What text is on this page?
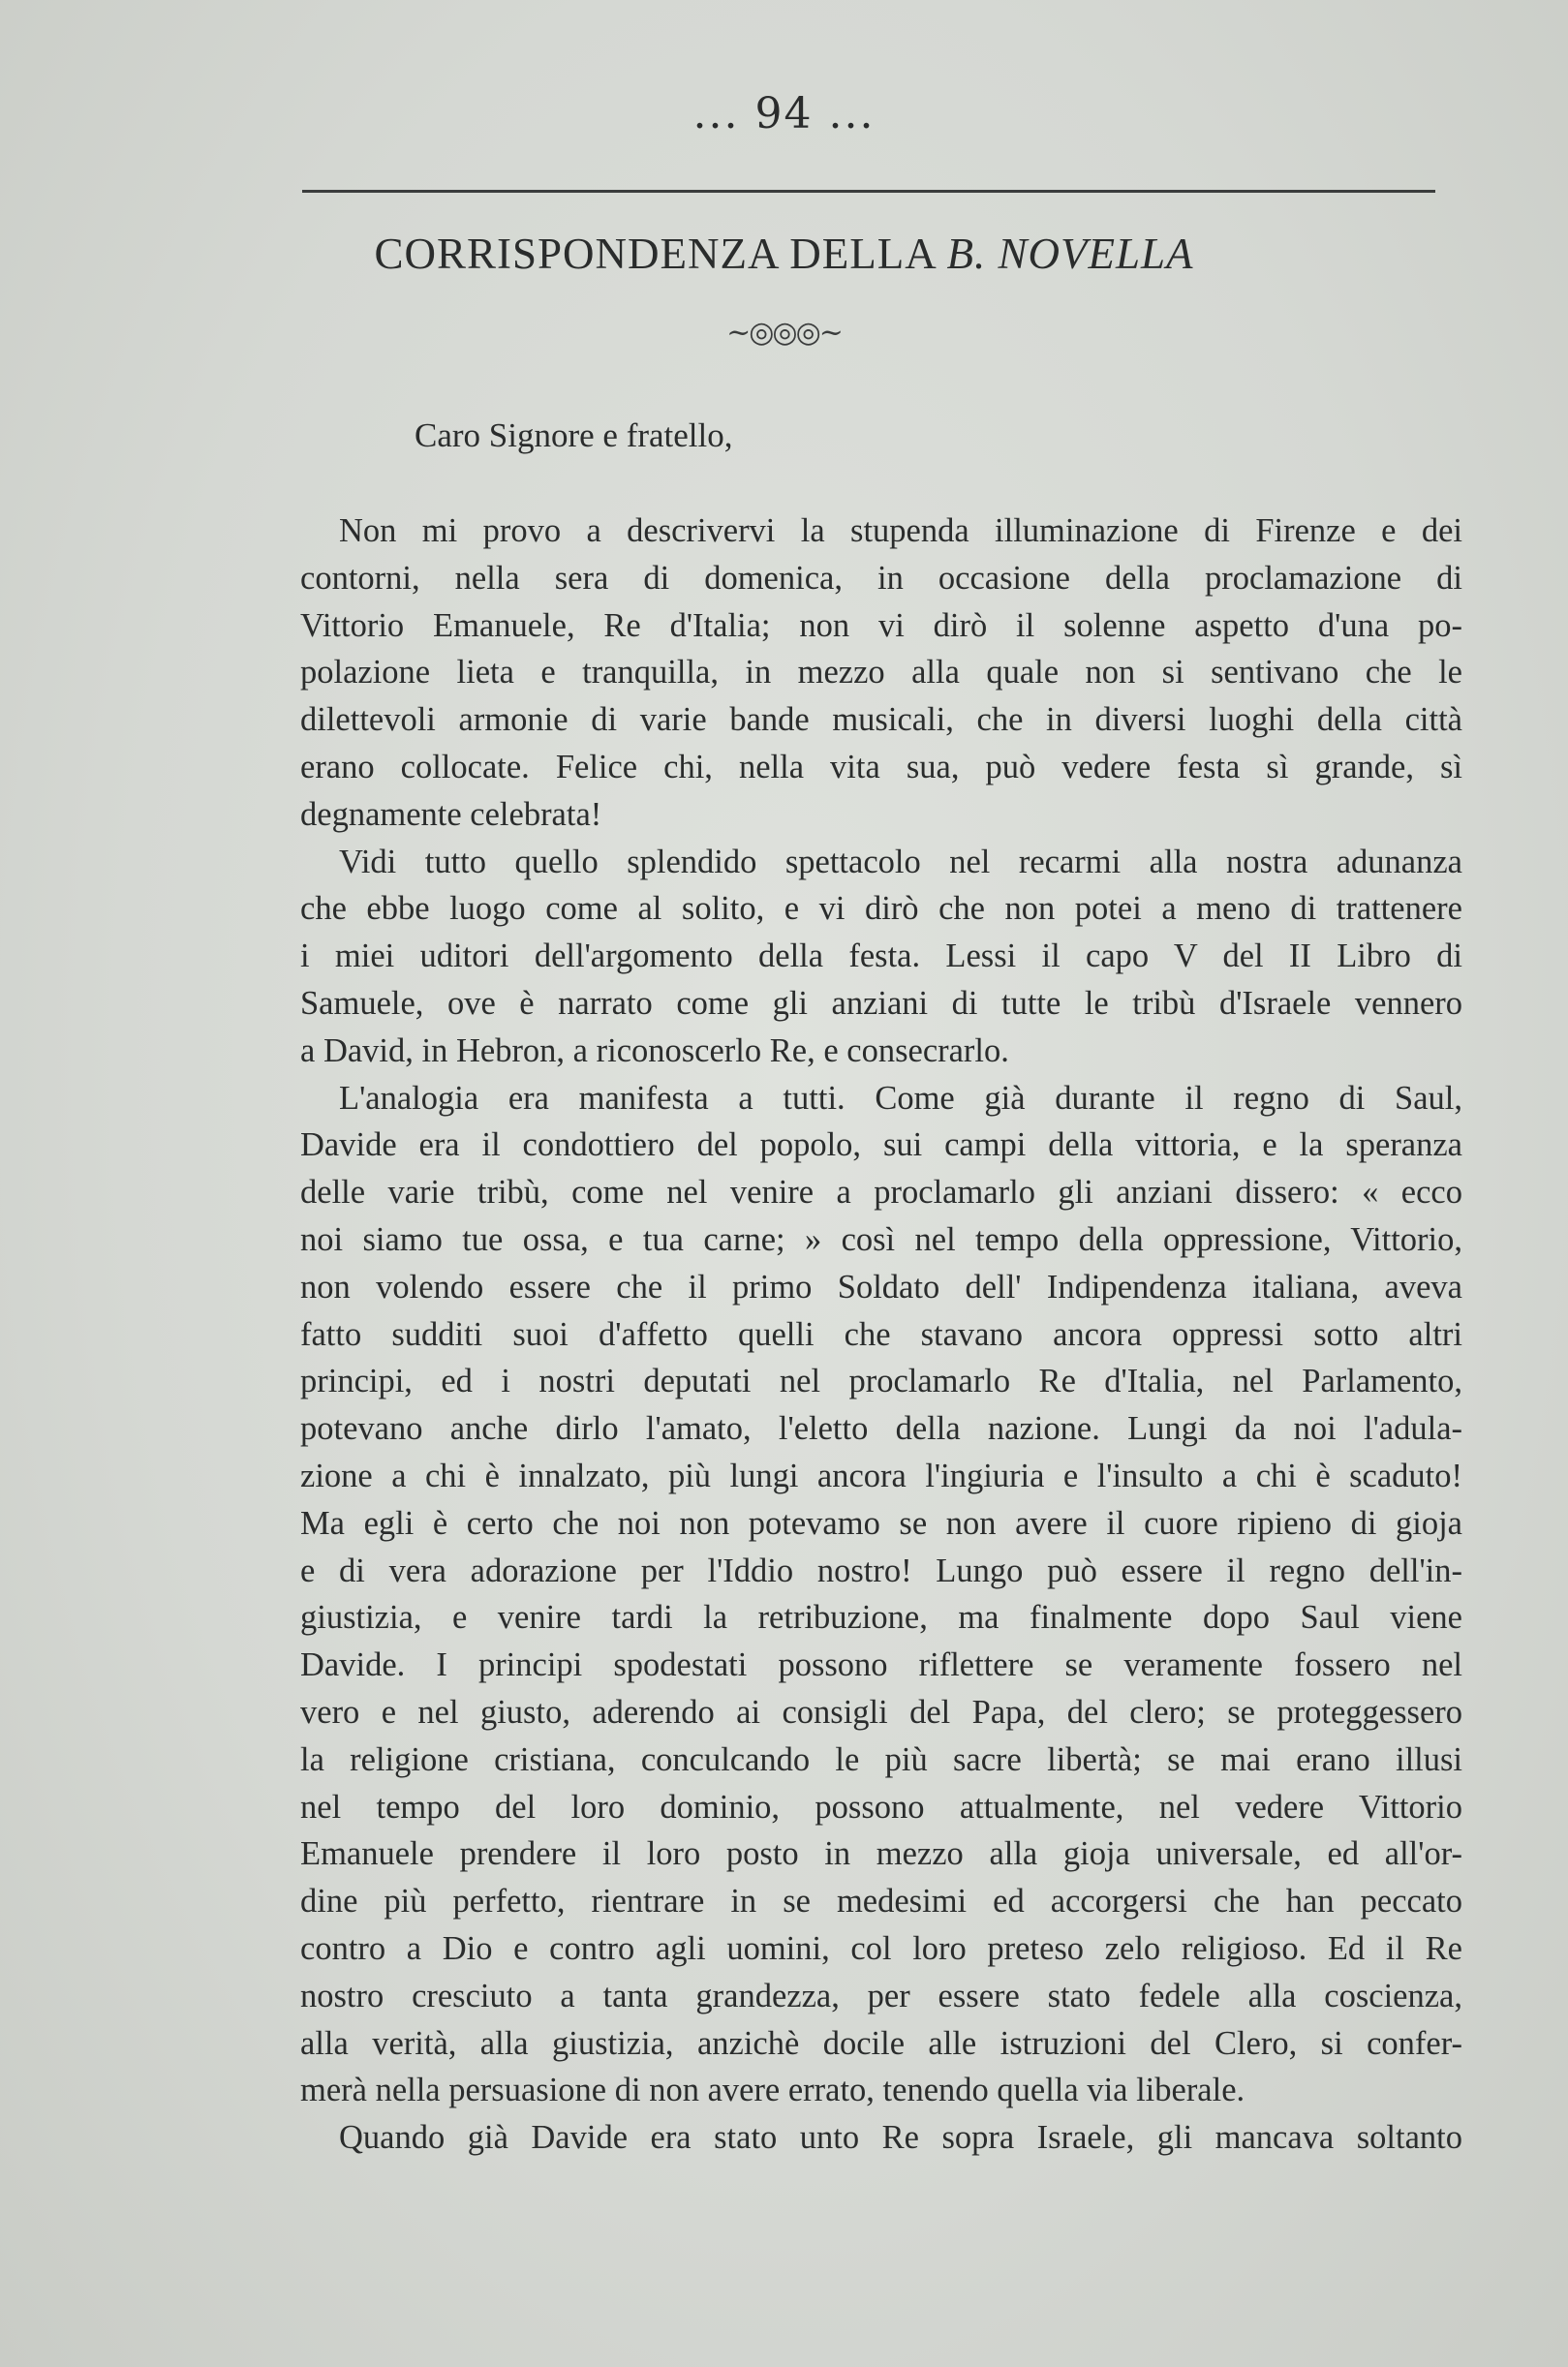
... 94 ...
CORRISPONDENZA DELLA B. NOVELLA
~◎◎◎~
Caro Signore e fratello,
Non mi provo a descrivervi la stupenda illuminazione di Firenze e dei
contorni, nella sera di domenica, in occasione della proclamazione di
Vittorio Emanuele, Re d'Italia; non vi dirò il solenne aspetto d'una po-
polazione lieta e tranquilla, in mezzo alla quale non si sentivano che le
dilettevoli armonie di varie bande musicali, che in diversi luoghi della città
erano collocate. Felice chi, nella vita sua, può vedere festa sì grande, sì
degnamente celebrata!
Vidi tutto quello splendido spettacolo nel recarmi alla nostra adunanza
che ebbe luogo come al solito, e vi dirò che non potei a meno di trattenere
i miei uditori dell'argomento della festa. Lessi il capo V del II Libro di
Samuele, ove è narrato come gli anziani di tutte le tribù d'Israele vennero
a David, in Hebron, a riconoscerlo Re, e consecrarlo.
L'analogia era manifesta a tutti. Come già durante il regno di Saul,
Davide era il condottiero del popolo, sui campi della vittoria, e la speranza
delle varie tribù, come nel venire a proclamarlo gli anziani dissero: « ecco
noi siamo tue ossa, e tua carne; » così nel tempo della oppressione, Vittorio,
non volendo essere che il primo Soldato dell' Indipendenza italiana, aveva
fatto sudditi suoi d'affetto quelli che stavano ancora oppressi sotto altri
principi, ed i nostri deputati nel proclamarlo Re d'Italia, nel Parlamento,
potevano anche dirlo l'amato, l'eletto della nazione. Lungi da noi l'adula-
zione a chi è innalzato, più lungi ancora l'ingiuria e l'insulto a chi è scaduto!
Ma egli è certo che noi non potevamo se non avere il cuore ripieno di gioja
e di vera adorazione per l'Iddio nostro! Lungo può essere il regno dell'in-
giustizia, e venire tardi la retribuzione, ma finalmente dopo Saul viene
Davide. I principi spodestati possono riflettere se veramente fossero nel
vero e nel giusto, aderendo ai consigli del Papa, del clero; se proteggessero
la religione cristiana, conculcando le più sacre libertà; se mai erano illusi
nel tempo del loro dominio, possono attualmente, nel vedere Vittorio
Emanuele prendere il loro posto in mezzo alla gioja universale, ed all'or-
dine più perfetto, rientrare in se medesimi ed accorgersi che han peccato
contro a Dio e contro agli uomini, col loro preteso zelo religioso. Ed il Re
nostro cresciuto a tanta grandezza, per essere stato fedele alla coscienza,
alla verità, alla giustizia, anzichè docile alle istruzioni del Clero, si confer-
merà nella persuasione di non avere errato, tenendo quella via liberale.
Quando già Davide era stato unto Re sopra Israele, gli mancava soltanto
